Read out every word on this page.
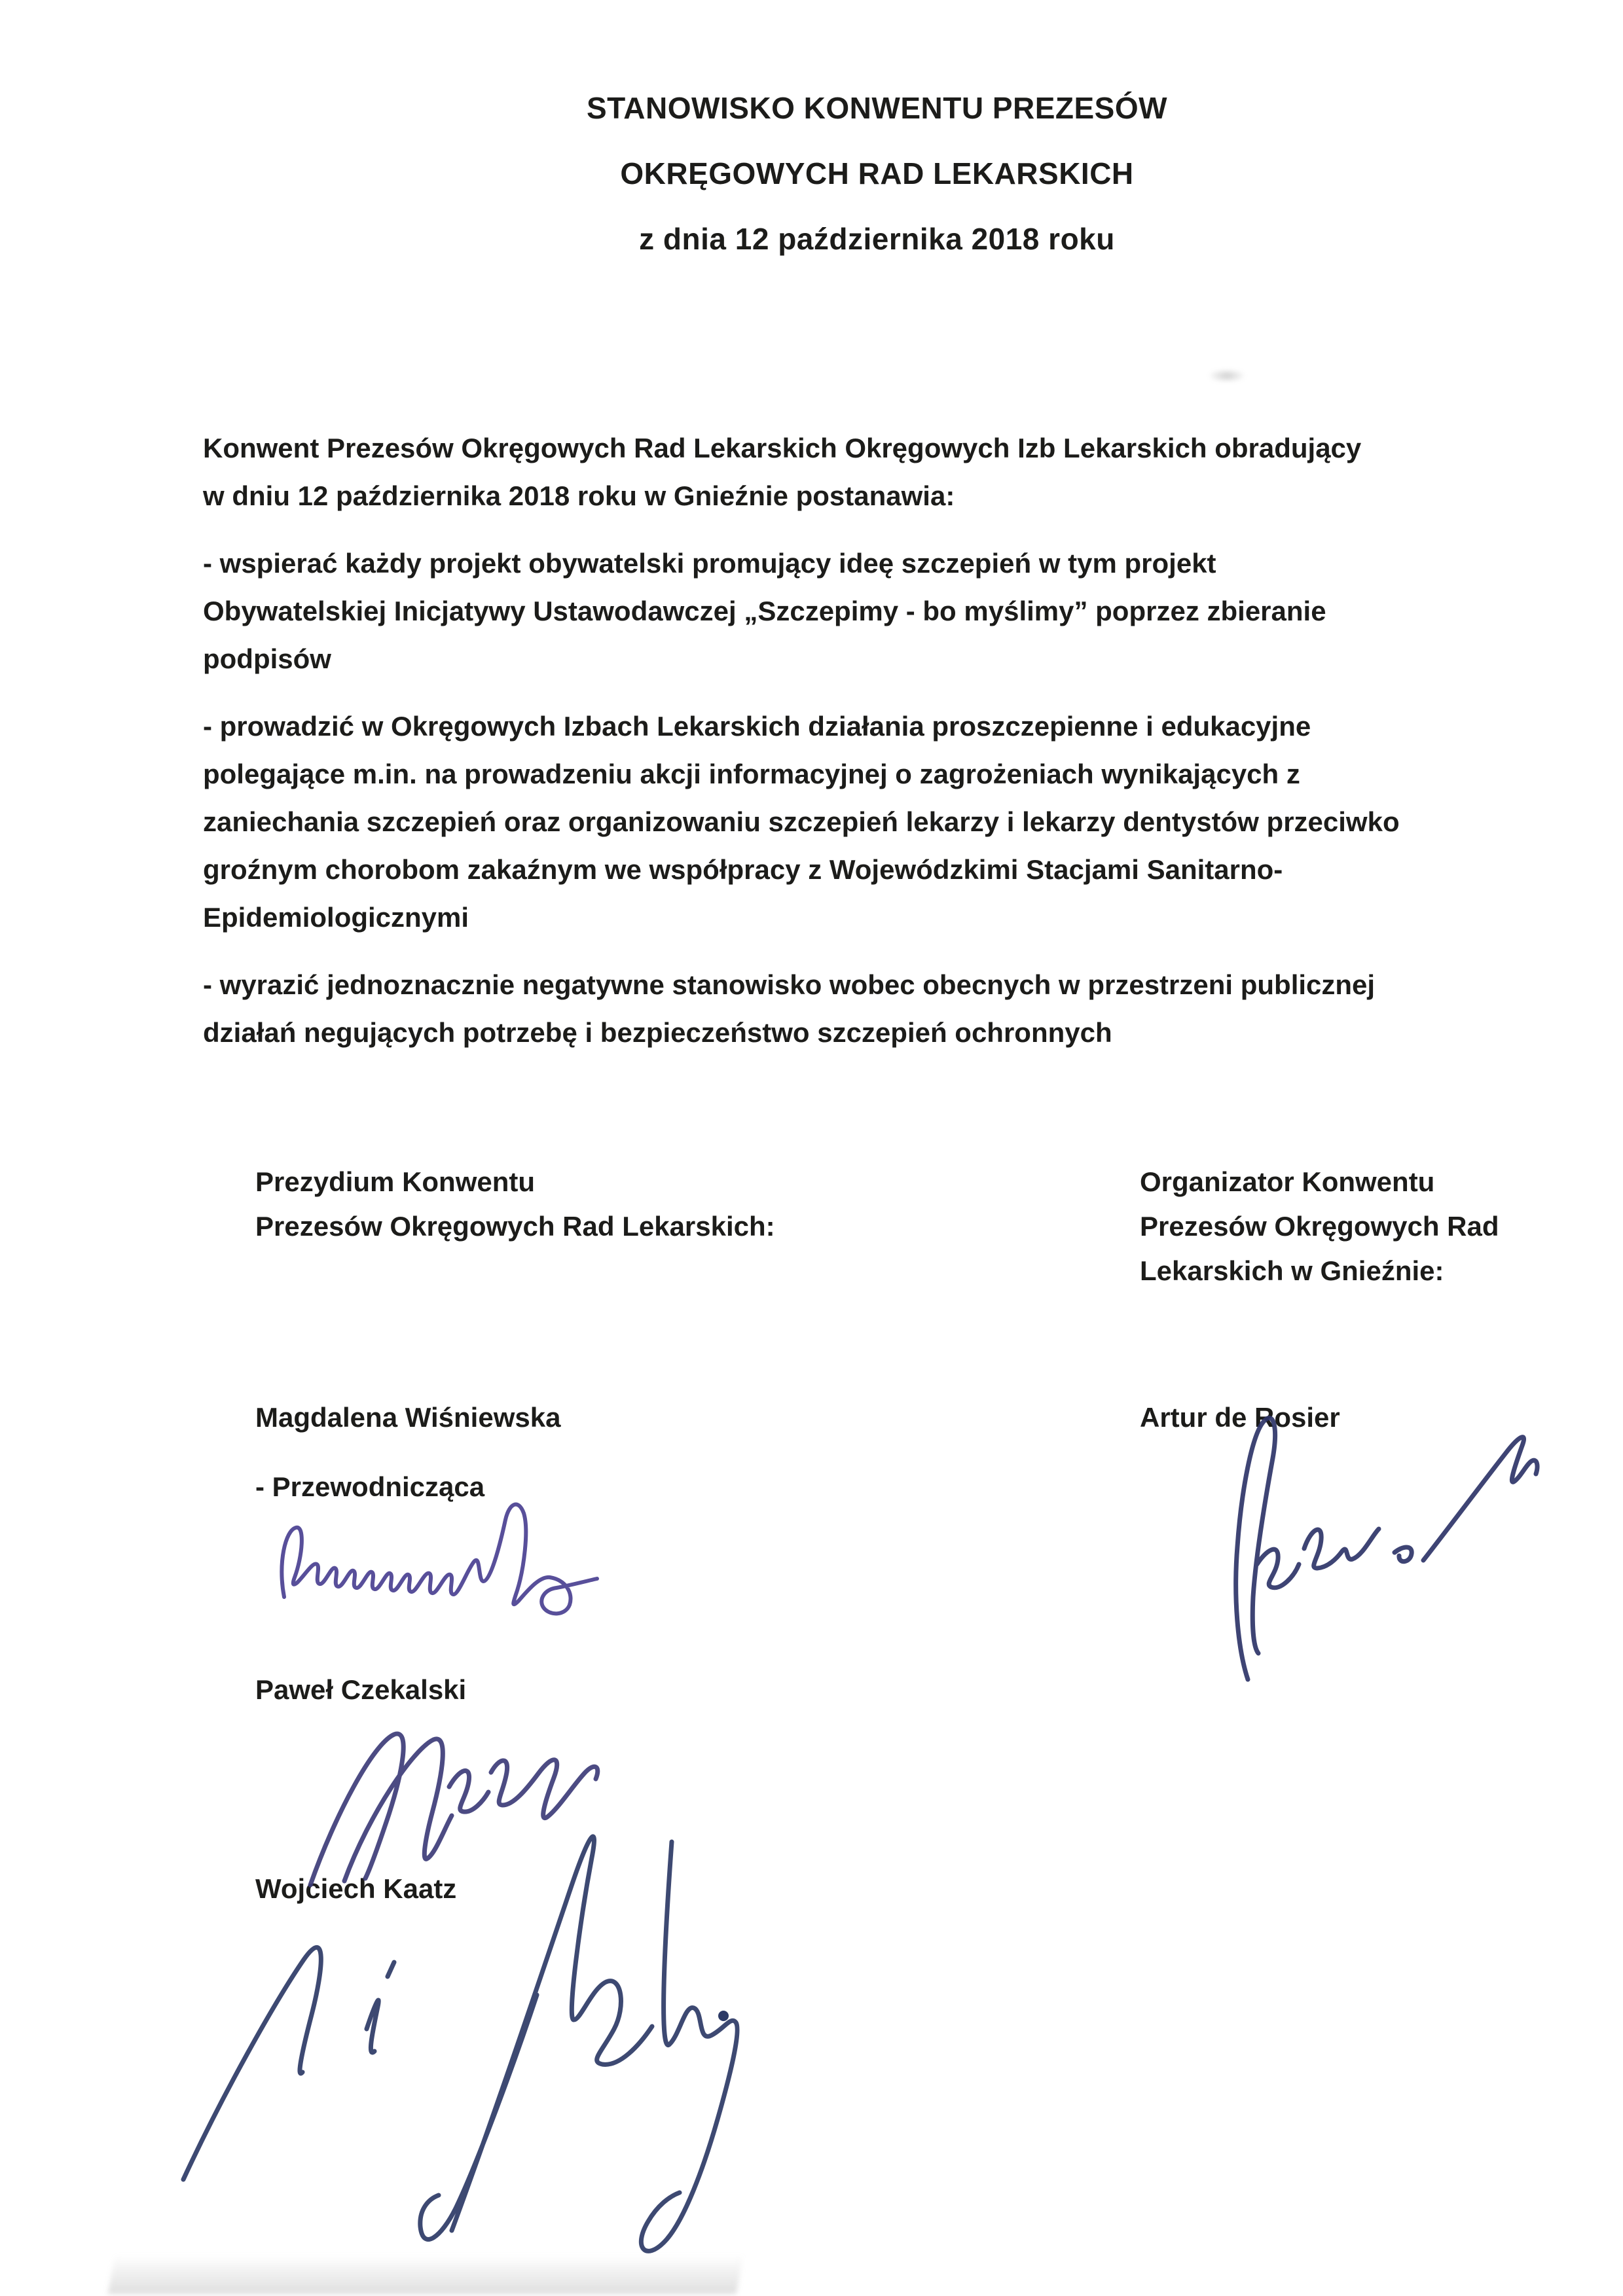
STANOWISKO KONWENTU PREZESÓW
OKRĘGOWYCH RAD LEKARSKICH
z dnia 12 października 2018 roku
Konwent Prezesów Okręgowych Rad Lekarskich Okręgowych Izb Lekarskich obradujący
w dniu 12 października 2018 roku w Gnieźnie postanawia:
- wspierać każdy projekt obywatelski promujący ideę szczepień w tym projekt
Obywatelskiej Inicjatywy Ustawodawczej „Szczepimy - bo myślimy” poprzez zbieranie
podpisów
- prowadzić w Okręgowych Izbach Lekarskich działania proszczepienne i edukacyjne
polegające m.in. na prowadzeniu akcji informacyjnej o zagrożeniach wynikających z
zaniechania szczepień oraz organizowaniu szczepień lekarzy i lekarzy dentystów przeciwko
groźnym chorobom zakaźnym we współpracy z Wojewódzkimi Stacjami Sanitarno-
Epidemiologicznymi
- wyrazić jednoznacznie negatywne stanowisko wobec obecnych w przestrzeni publicznej
działań negujących potrzebę i bezpieczeństwo szczepień ochronnych
Prezydium Konwentu
Prezesów Okręgowych Rad Lekarskich:
Organizator Konwentu
Prezesów Okręgowych Rad
Lekarskich w Gnieźnie:
Magdalena Wiśniewska
- Przewodnicząca
Artur de Rosier
Paweł Czekalski
Wojciech Kaatz
